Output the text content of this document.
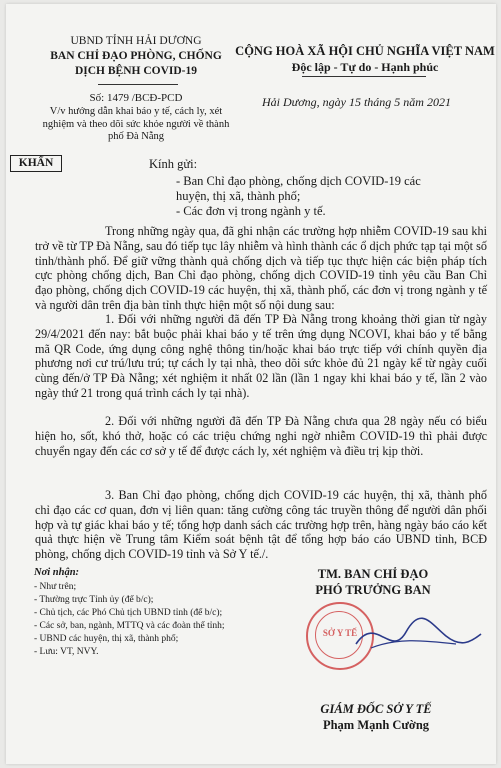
UBND TỈNH HẢI DƯƠNG
BAN CHỈ ĐẠO PHÒNG, CHỐNG DỊCH BỆNH COVID-19
Số: 1479 /BCĐ-PCD
V/v hướng dẫn khai báo y tế, cách ly, xét nghiệm và theo dõi sức khỏe người về thành phố Đà Nẵng
CỘNG HOÀ XÃ HỘI CHỦ NGHĨA VIỆT NAM
Độc lập - Tự do - Hạnh phúc
Hải Dương, ngày 15 tháng 5 năm 2021
KHẨN	Kính gửi:
- Ban Chỉ đạo phòng, chống dịch COVID-19 các huyện, thị xã, thành phố;
- Các đơn vị trong ngành y tế.
Trong những ngày qua, đã ghi nhận các trường hợp nhiễm COVID-19 sau khi trở về từ TP Đà Nẵng, sau đó tiếp tục lây nhiễm và hình thành các ổ dịch phức tạp tại một số tỉnh/thành phố. Để giữ vững thành quả chống dịch và tiếp tục thực hiện các biện pháp tích cực phòng chống dịch, Ban Chỉ đạo phòng, chống dịch COVID-19 tỉnh yêu cầu Ban Chỉ đạo phòng, chống dịch COVID-19 các huyện, thị xã, thành phố, các đơn vị trong ngành y tế và người dân trên địa bàn tỉnh thực hiện một số nội dung sau:
1. Đối với những người đã đến TP Đà Nẵng trong khoảng thời gian từ ngày 29/4/2021 đến nay: bắt buộc phải khai báo y tế trên ứng dụng NCOVI, khai báo y tế bằng mã QR Code, ứng dụng công nghệ thông tin/hoặc khai báo trực tiếp với chính quyền địa phương nơi cư trú/lưu trú; tự cách ly tại nhà, theo dõi sức khỏe đủ 21 ngày kể từ ngày cuối cùng đến/ở TP Đà Nẵng; xét nghiệm it nhất 02 lần (lần 1 ngay khi khai báo y tế, lần 2 vào ngày thứ 21 trong quá trình cách ly tại nhà).
2. Đối với những người đã đến TP Đà Nẵng chưa qua 28 ngày nếu có biểu hiện ho, sốt, khó thở, hoặc có các triệu chứng nghi ngờ nhiễm COVID-19 thì phải được chuyển ngay đến các cơ sở y tế để được cách ly, xét nghiệm và điều trị kịp thời.
3. Ban Chỉ đạo phòng, chống dịch COVID-19 các huyện, thị xã, thành phố chỉ đạo các cơ quan, đơn vị liên quan: tăng cường công tác truyền thông để người dân phối hợp và tự giác khai báo y tế; tổng hợp danh sách các trường hợp trên, hàng ngày báo cáo kết quả thực hiện về Trung tâm Kiểm soát bệnh tật để tổng hợp báo cáo UBND tỉnh, BCĐ phòng, chống dịch COVID-19 tỉnh và Sở Y tế./.
Nơi nhận:
- Như trên;
- Thường trực Tỉnh ủy (để b/c);
- Chủ tịch, các Phó Chủ tịch UBND tỉnh (để b/c);
- Các sở, ban, ngành, MTTQ và các đoàn thể tỉnh;
- UBND các huyện, thị xã, thành phố;
- Lưu: VT, NVY.
TM. BAN CHỈ ĐẠO
PHÓ TRƯỞNG BAN
SỞ Y TẾ
GIÁM ĐỐC SỞ Y TẾ
Phạm Mạnh Cường
